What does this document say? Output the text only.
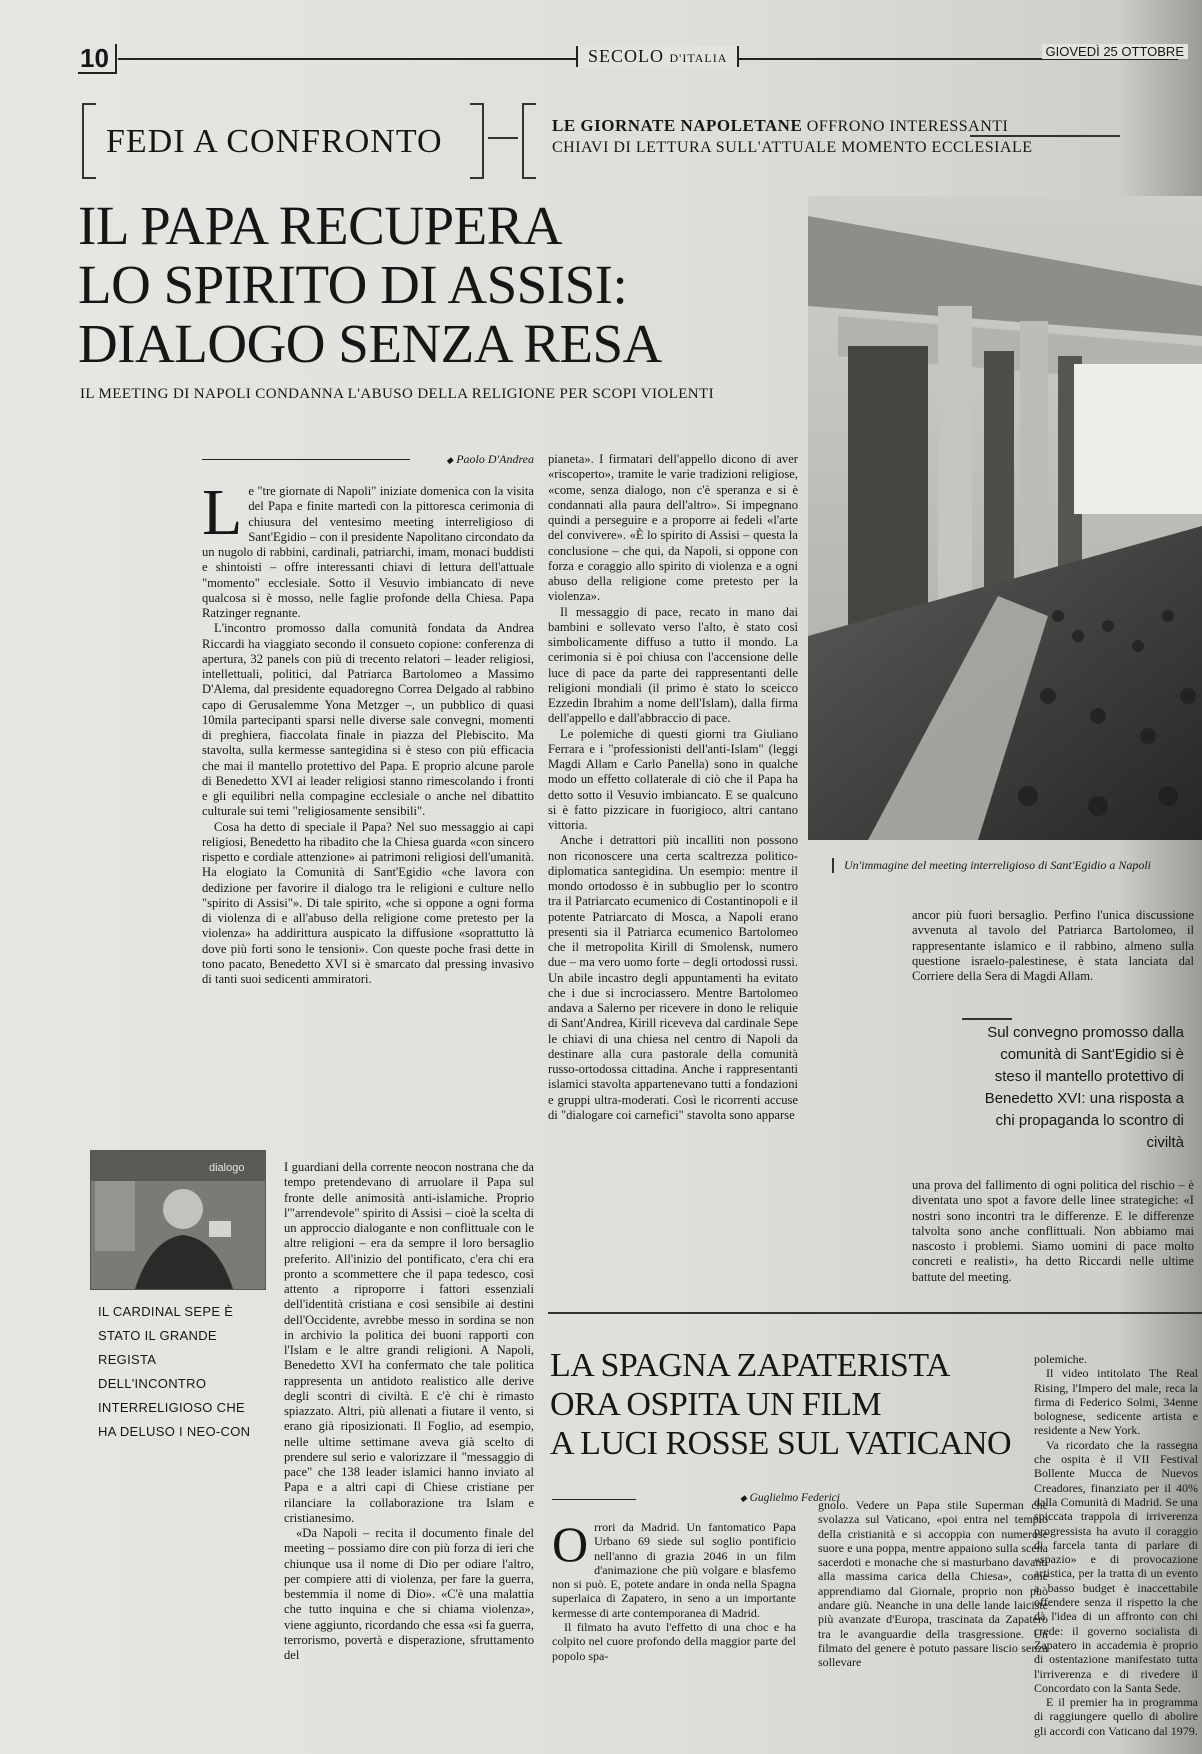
10	SECOLO D'ITALIA	GIOVEDÌ 25 OTTOBRE
FEDI A CONFRONTO	LE GIORNATE NAPOLETANE OFFRONO INTERESSANTI
CHIAVI DI LETTURA SULL'ATTUALE MOMENTO ECCLESIALE
IL PAPA RECUPERA
LO SPIRITO DI ASSISI:
DIALOGO SENZA RESA
IL MEETING DI NAPOLI CONDANNA L'ABUSO DELLA RELIGIONE PER SCOPI VIOLENTI
Un'immagine del meeting interreligioso di Sant'Egidio a Napoli
◆ Paolo D'Andrea

Le "tre giornate di Napoli" iniziate domenica con la visita del Papa e finite martedì con la pittoresca cerimonia di chiusura del ventesimo meeting interreligioso di Sant'Egidio – con il presidente Napolitano circondato da un nugolo di rabbini, cardinali, patriarchi, imam, monaci buddisti e shintoisti – offre interessanti chiavi di lettura dell'attuale "momento" ecclesiale. Sotto il Vesuvio imbiancato di neve qualcosa si è mosso, nelle faglie profonde della Chiesa. Papa Ratzinger regnante.

L'incontro promosso dalla comunità fondata da Andrea Riccardi ha viaggiato secondo il consueto copione: conferenza di apertura, 32 panels con più di trecento relatori – leader religiosi, intellettuali, politici, dal Patriarca Bartolomeo a Massimo D'Alema, dal presidente equadoregno Correa Delgado al rabbino capo di Gerusalemme Yona Metzger –, un pubblico di quasi 10mila partecipanti sparsi nelle diverse sale convegni, momenti di preghiera, fiaccolata finale in piazza del Plebiscito. Ma stavolta, sulla kermesse santegidina si è steso con più efficacia che mai il mantello protettivo del Papa. E proprio alcune parole di Benedetto XVI ai leader religiosi stanno rimescolando i fronti e gli equilibri nella compagine ecclesiale o anche nel dibattito culturale sui temi "religiosamente sensibili".

Cosa ha detto di speciale il Papa? Nel suo messaggio ai capi religiosi, Benedetto ha ribadito che la Chiesa guarda «con sincero rispetto e cordiale attenzione» ai patrimoni religiosi dell'umanità. Ha elogiato la Comunità di Sant'Egidio «che lavora con dedizione per favorire il dialogo tra le religioni e culture nello "spirito di Assisi"». Di tale spirito, «che si oppone a ogni forma di violenza di e all'abuso della religione come pretesto per la violenza» ha addirittura auspicato la diffusione «soprattutto là dove più forti sono le tensioni». Con queste poche frasi dette in tono pacato, Benedetto XVI si è smarcato dal pressing invasivo di tanti suoi sedicenti ammiratori.

I guardiani della corrente neocon nostrana che da tempo pretendevano di arruolare il Papa sul fronte delle animosità anti-islamiche. Proprio l'"arrendevole" spirito di Assisi – cioè la scelta di un approccio dialogante e non conflittuale con le altre religioni – era da sempre il loro bersaglio preferito. All'inizio del pontificato, c'era chi era pronto a scommettere che il papa tedesco, così attento a riproporre i fattori essenziali dell'identità cristiana e così sensibile ai destini dell'Occidente, avrebbe messo in sordina se non in archivio la politica dei buoni rapporti con l'Islam e le altre grandi religioni. A Napoli, Benedetto XVI ha confermato che tale politica rappresenta un antidoto realistico alle derive degli scontri di civiltà. E c'è chi è rimasto spiazzato. Altri, più allenati a fiutare il vento, si erano già riposizionati. Il Foglio, ad esempio, nelle ultime settimane aveva già scelto di prendere sul serio e valorizzare il "messaggio di pace" che 138 leader islamici hanno inviato al Papa e a altri capi di Chiese cristiane per rilanciare la collaborazione tra Islam e cristianesimo.

«Da Napoli – recita il documento finale del meeting – possiamo dire con più forza di ieri che chiunque usa il nome di Dio per odiare l'altro, per compiere atti di violenza, per fare la guerra, bestemmia il nome di Dio». «C'è una malattia che tutto inquina e che si chiama violenza», viene aggiunto, ricordando che essa «si fa guerra, terrorismo, povertà e disperazione, sfruttamento del

pianeta». I firmatari dell'appello dicono di aver «riscoperto», tramite le varie tradizioni religiose, «come, senza dialogo, non c'è speranza e si è condannati alla paura dell'altro». Si impegnano quindi a perseguire e a proporre ai fedeli «l'arte del convivere». «È lo spirito di Assisi – questa la conclusione – che qui, da Napoli, si oppone con forza e coraggio allo spirito di violenza e a ogni abuso della religione come pretesto per la violenza».

Il messaggio di pace, recato in mano dai bambini e sollevato verso l'alto, è stato così simbolicamente diffuso a tutto il mondo. La cerimonia si è poi chiusa con l'accensione delle luce di pace da parte dei rappresentanti delle religioni mondiali (il primo è stato lo sceicco Ezzedin Ibrahim a nome dell'Islam), dalla firma dell'appello e dall'abbraccio di pace.

Le polemiche di questi giorni tra Giuliano Ferrara e i "professionisti dell'anti-Islam" (leggi Magdi Allam e Carlo Panella) sono in qualche modo un effetto collaterale di ciò che il Papa ha detto sotto il Vesuvio imbiancato. E se qualcuno si è fatto pizzicare in fuorigioco, altri cantano vittoria.

Anche i detrattori più incalliti non possono non riconoscere una certa scaltrezza politico-diplomatica santegidina. Un esempio: mentre il mondo ortodosso è in subbuglio per lo scontro tra il Patriarcato ecumenico di Costantinopoli e il potente Patriarcato di Mosca, a Napoli erano presenti sia il Patriarca ecumenico Bartolomeo che il metropolita Kirill di Smolensk, numero due – ma vero uomo forte – degli ortodossi russi. Un abile incastro degli appuntamenti ha evitato che i due si incrociassero. Mentre Bartolomeo andava a Salerno per ricevere in dono le reliquie di Sant'Andrea, Kirill riceveva dal cardinale Sepe le chiavi di una chiesa nel centro di Napoli da destinare alla cura pastorale della comunità russo-ortodossa cittadina. Anche i rappresentanti islamici stavolta appartenevano tutti a fondazioni e gruppi ultra-moderati. Così le ricorrenti accuse di "dialogare coi carnefici" stavolta sono apparse

ancor più fuori bersaglio. Perfino l'unica discussione avvenuta al tavolo del Patriarca Bartolomeo, il rappresentante islamico e il rabbino, almeno sulla questione israelo-palestinese, è stata lanciata dal Corriere della Sera di Magdi Allam.

Sul convegno promosso dalla comunità di Sant'Egidio si è steso il mantello protettivo di Benedetto XVI: una risposta a chi propaganda lo scontro di civiltà

una prova del fallimento di ogni politica del rischio – è diventata uno spot a favore delle linee strategiche: «I nostri sono incontri tra le differenze. E le differenze talvolta sono anche conflittuali. Non abbiamo mai nascosto i problemi. Siamo uomini di pace molto concreti e realisti», ha detto Riccardi nelle ultime battute del meeting.

dialogo
IL CARDINAL SEPE È STATO IL GRANDE REGISTA DELL'INCONTRO INTERRELIGIOSO CHE HA DELUSO I NEO-CON
LA SPAGNA ZAPATERISTA
ORA OSPITA UN FILM
A LUCI ROSSE SUL VATICANO
◆ Guglielmo Federici

Orrori da Madrid. Un fantomatico Papa Urbano 69 siede sul soglio pontificio nell'anno di grazia 2046 in un film d'animazione che più volgare e blasfemo non si può. E, potete andare in onda nella Spagna superlaica di Zapatero, in seno a un importante kermesse di arte contemporanea di Madrid.

Il filmato ha avuto l'effetto di una choc e ha colpito nel cuore profondo della maggior parte del popolo spa-

gnolo. Vedere un Papa stile Superman che svolazza sul Vaticano, «poi entra nel tempio della cristianità e si accoppia con numerose suore e una poppa, mentre appaiono sulla scena sacerdoti e monache che si masturbano davanti alla massima carica della Chiesa», come apprendiamo dal Giornale, proprio non può andare giù. Neanche in una delle lande laiciste più avanzate d'Europa, trascinata da Zapatero tra le avanguardie della trasgressione. Un filmato del genere è potuto passare liscio senza sollevare

polemiche.

Il video intitolato The Real Rising, l'Impero del male, reca la firma di Federico Solmi, 34enne bolognese, sedicente artista e residente a New York.

Va ricordato che la rassegna che ospita è il VII Festival Bollente Mucca de Nuevos Creadores, finanziato per il 40% dalla Comunità di Madrid. Se una spiccata trappola di irriverenza progressista ha avuto il coraggio di farcela tanta di parlare di «spazio» e di provocazione artistica, per la tratta di un evento a basso budget è inaccettabile offendere senza il rispetto la che dà l'idea di un affronto con chi crede: il governo socialista di Zapatero in accademia è proprio di ostentazione manifestato tutta l'irriverenza e di rivedere il Concordato con la Santa Sede.

E il premier ha in programma di raggiungere quello di abolire gli accordi con Vaticano dal 1979.
